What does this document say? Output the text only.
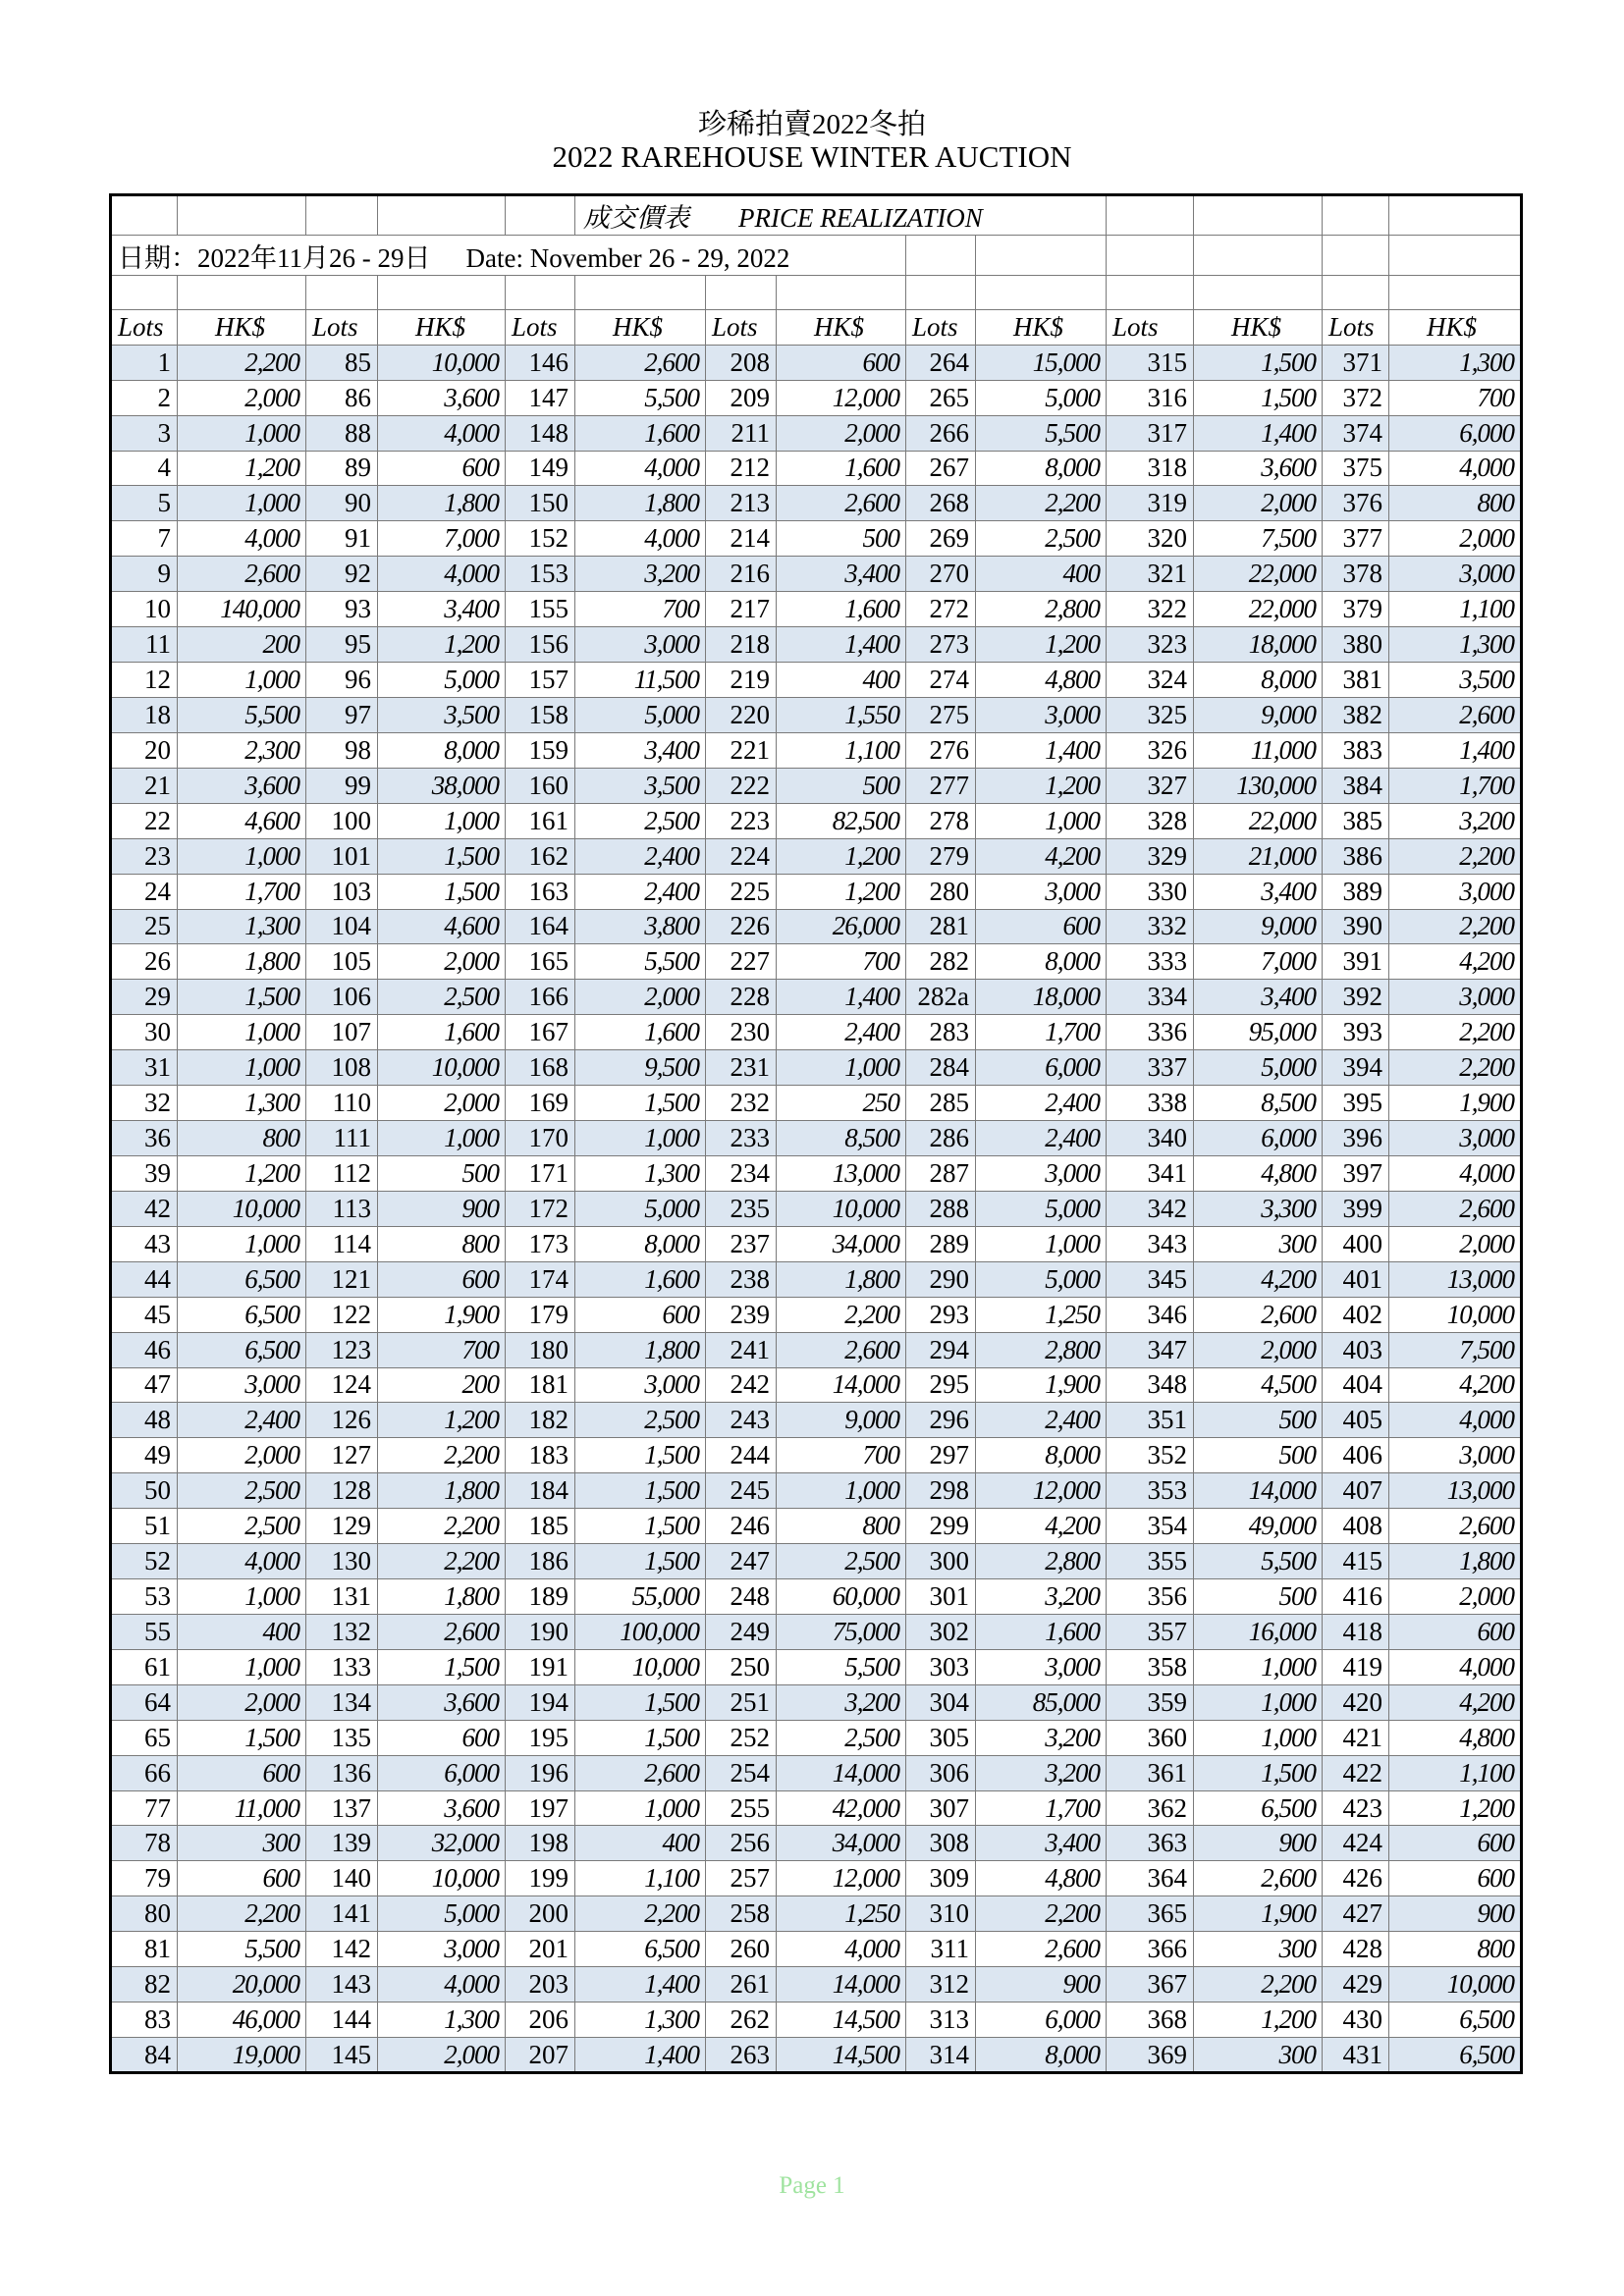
珍稀拍賣2022冬拍
2022 RAREHOUSE WINTER AUCTION
					成交價表 PRICE REALIZATION								
日期：2022年11月26 - 29日 Date: November 26 - 29, 2022													

Lots	HK$	Lots	HK$	Lots	HK$	Lots	HK$	Lots	HK$	Lots	HK$	Lots	HK$
1	2,200	85	10,000	146	2,600	208	600	264	15,000	315	1,500	371	1,300
2	2,000	86	3,600	147	5,500	209	12,000	265	5,000	316	1,500	372	700
3	1,000	88	4,000	148	1,600	211	2,000	266	5,500	317	1,400	374	6,000
4	1,200	89	600	149	4,000	212	1,600	267	8,000	318	3,600	375	4,000
5	1,000	90	1,800	150	1,800	213	2,600	268	2,200	319	2,000	376	800
7	4,000	91	7,000	152	4,000	214	500	269	2,500	320	7,500	377	2,000
9	2,600	92	4,000	153	3,200	216	3,400	270	400	321	22,000	378	3,000
10	140,000	93	3,400	155	700	217	1,600	272	2,800	322	22,000	379	1,100
11	200	95	1,200	156	3,000	218	1,400	273	1,200	323	18,000	380	1,300
12	1,000	96	5,000	157	11,500	219	400	274	4,800	324	8,000	381	3,500
18	5,500	97	3,500	158	5,000	220	1,550	275	3,000	325	9,000	382	2,600
20	2,300	98	8,000	159	3,400	221	1,100	276	1,400	326	11,000	383	1,400
21	3,600	99	38,000	160	3,500	222	500	277	1,200	327	130,000	384	1,700
22	4,600	100	1,000	161	2,500	223	82,500	278	1,000	328	22,000	385	3,200
23	1,000	101	1,500	162	2,400	224	1,200	279	4,200	329	21,000	386	2,200
24	1,700	103	1,500	163	2,400	225	1,200	280	3,000	330	3,400	389	3,000
25	1,300	104	4,600	164	3,800	226	26,000	281	600	332	9,000	390	2,200
26	1,800	105	2,000	165	5,500	227	700	282	8,000	333	7,000	391	4,200
29	1,500	106	2,500	166	2,000	228	1,400	282a	18,000	334	3,400	392	3,000
30	1,000	107	1,600	167	1,600	230	2,400	283	1,700	336	95,000	393	2,200
31	1,000	108	10,000	168	9,500	231	1,000	284	6,000	337	5,000	394	2,200
32	1,300	110	2,000	169	1,500	232	250	285	2,400	338	8,500	395	1,900
36	800	111	1,000	170	1,000	233	8,500	286	2,400	340	6,000	396	3,000
39	1,200	112	500	171	1,300	234	13,000	287	3,000	341	4,800	397	4,000
42	10,000	113	900	172	5,000	235	10,000	288	5,000	342	3,300	399	2,600
43	1,000	114	800	173	8,000	237	34,000	289	1,000	343	300	400	2,000
44	6,500	121	600	174	1,600	238	1,800	290	5,000	345	4,200	401	13,000
45	6,500	122	1,900	179	600	239	2,200	293	1,250	346	2,600	402	10,000
46	6,500	123	700	180	1,800	241	2,600	294	2,800	347	2,000	403	7,500
47	3,000	124	200	181	3,000	242	14,000	295	1,900	348	4,500	404	4,200
48	2,400	126	1,200	182	2,500	243	9,000	296	2,400	351	500	405	4,000
49	2,000	127	2,200	183	1,500	244	700	297	8,000	352	500	406	3,000
50	2,500	128	1,800	184	1,500	245	1,000	298	12,000	353	14,000	407	13,000
51	2,500	129	2,200	185	1,500	246	800	299	4,200	354	49,000	408	2,600
52	4,000	130	2,200	186	1,500	247	2,500	300	2,800	355	5,500	415	1,800
53	1,000	131	1,800	189	55,000	248	60,000	301	3,200	356	500	416	2,000
55	400	132	2,600	190	100,000	249	75,000	302	1,600	357	16,000	418	600
61	1,000	133	1,500	191	10,000	250	5,500	303	3,000	358	1,000	419	4,000
64	2,000	134	3,600	194	1,500	251	3,200	304	85,000	359	1,000	420	4,200
65	1,500	135	600	195	1,500	252	2,500	305	3,200	360	1,000	421	4,800
66	600	136	6,000	196	2,600	254	14,000	306	3,200	361	1,500	422	1,100
77	11,000	137	3,600	197	1,000	255	42,000	307	1,700	362	6,500	423	1,200
78	300	139	32,000	198	400	256	34,000	308	3,400	363	900	424	600
79	600	140	10,000	199	1,100	257	12,000	309	4,800	364	2,600	426	600
80	2,200	141	5,000	200	2,200	258	1,250	310	2,200	365	1,900	427	900
81	5,500	142	3,000	201	6,500	260	4,000	311	2,600	366	300	428	800
82	20,000	143	4,000	203	1,400	261	14,000	312	900	367	2,200	429	10,000
83	46,000	144	1,300	206	1,300	262	14,500	313	6,000	368	1,200	430	6,500
84	19,000	145	2,000	207	1,400	263	14,500	314	8,000	369	300	431	6,500
Page 1
